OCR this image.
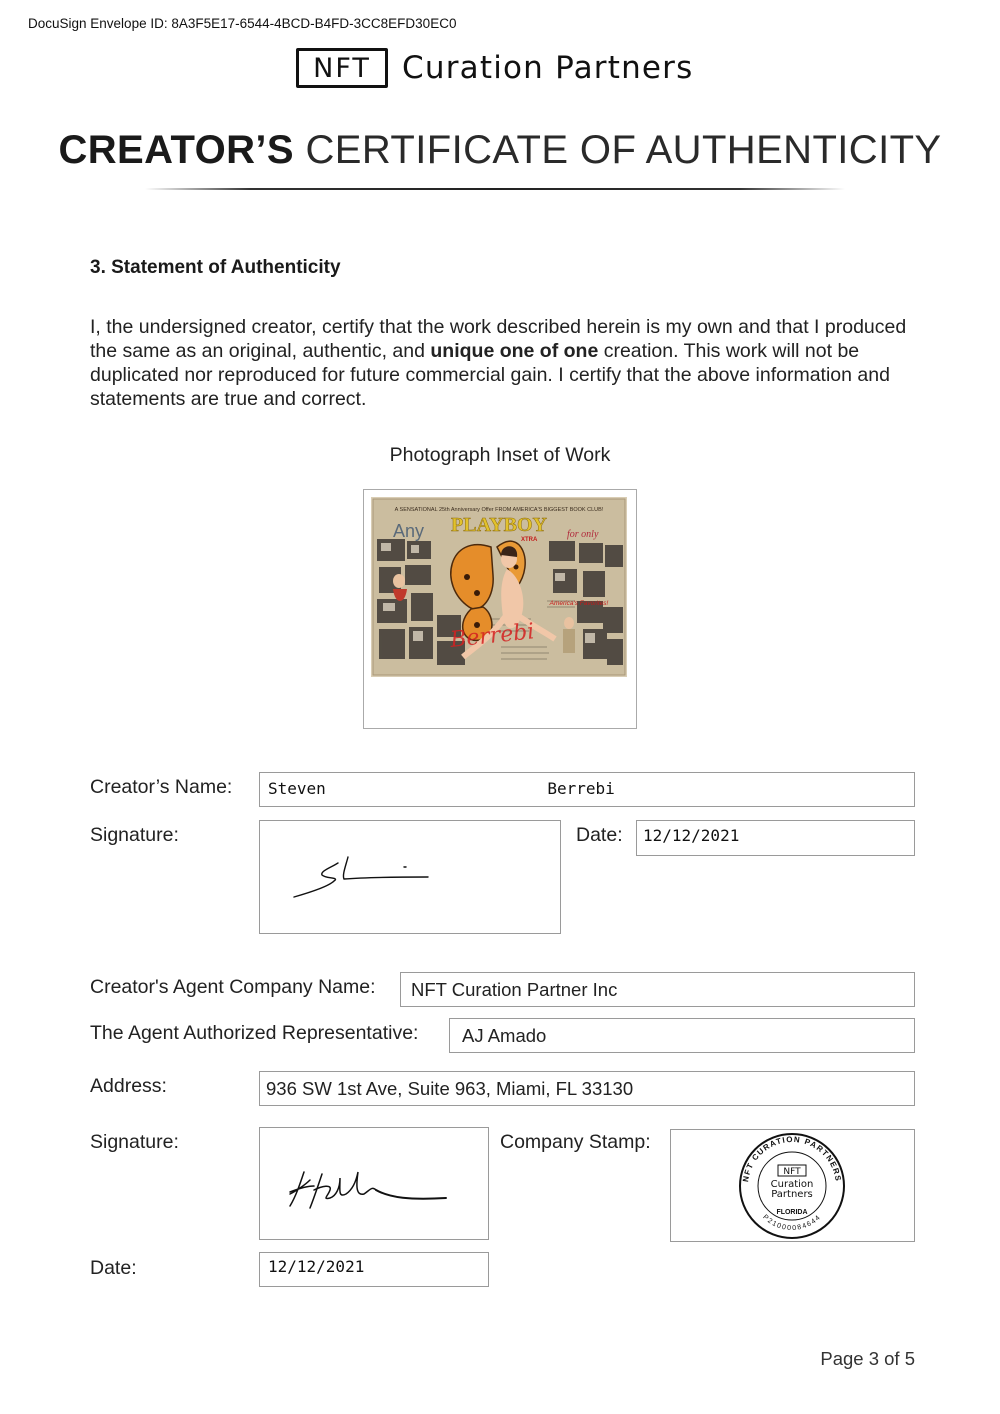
DocuSign Envelope ID: 8A3F5E17-6544-4BCD-B4FD-3CC8EFD30EC0
NFT	Curation Partners
CREATOR’S CERTIFICATE OF AUTHENTICITY
3. Statement of Authenticity
I, the undersigned creator, certify that the work described herein is my own and that I produced the same as an original, authentic, and unique one of one creation. This work will not be duplicated nor reproduced for future commercial gain. I certify that the above information and statements are true and correct.
Photograph Inset of Work
A SENSATIONAL 25th Anniversary Offer FROM AMERICA'S BIGGEST BOOK CLUB!
Any	for only
PLAYBOY
XTRA
America's Favorites!
Berrebi
Creator’s Name: Steven                       Berrebi
Signature:	Date: 12/12/2021
Creator's Agent Company Name: NFT Curation Partner Inc
The Agent Authorized Representative: AJ Amado
Address:	936 SW 1st Ave, Suite 963, Miami, FL 33130
Signature:	Company Stamp:
NFT CURATION PARTNERS
P21000084644
NFT
Curation
Partners
FLORIDA
Date:	12/12/2021
Page 3 of 5
